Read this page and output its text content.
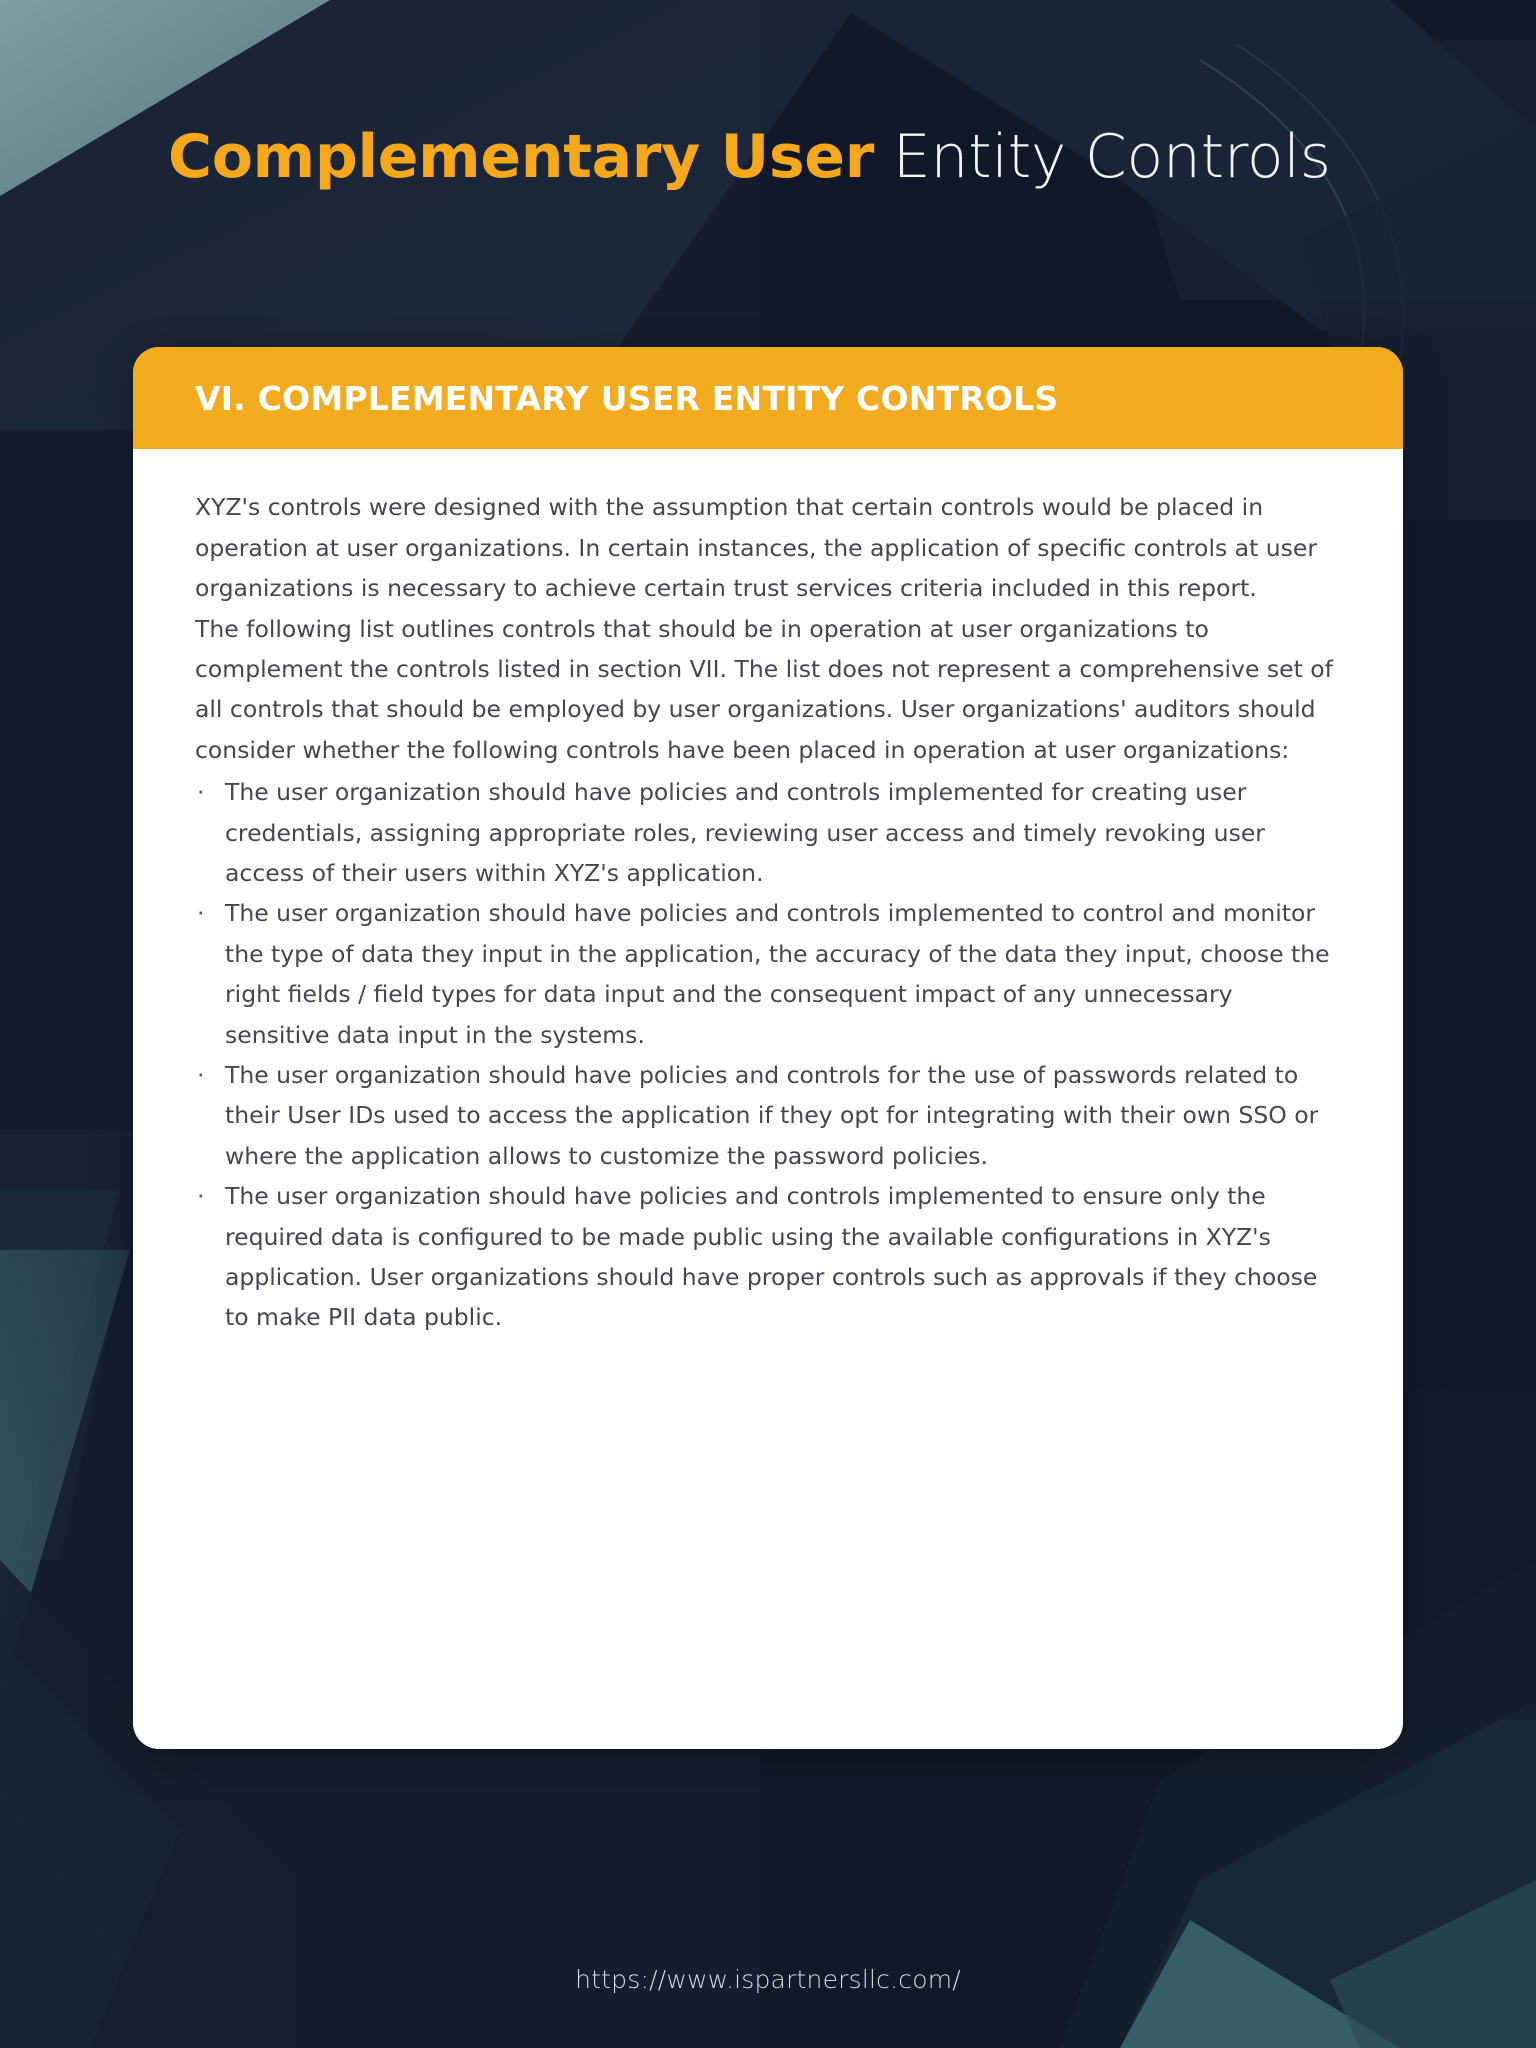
Complementary User Entity Controls
VI. COMPLEMENTARY USER ENTITY CONTROLS

XYZ's controls were designed with the assumption that certain controls would be placed in operation at user organizations. In certain instances, the application of specific controls at user organizations is necessary to achieve certain trust services criteria included in this report.

The following list outlines controls that should be in operation at user organizations to complement the controls listed in section VII. The list does not represent a comprehensive set of all controls that should be employed by user organizations. User organizations' auditors should consider whether the following controls have been placed in operation at user organizations:

· The user organization should have policies and controls implemented for creating user credentials, assigning appropriate roles, reviewing user access and timely revoking user access of their users within XYZ's application.
· The user organization should have policies and controls implemented to control and monitor the type of data they input in the application, the accuracy of the data they input, choose the right fields / field types for data input and the consequent impact of any unnecessary sensitive data input in the systems.
· The user organization should have policies and controls for the use of passwords related to their User IDs used to access the application if they opt for integrating with their own SSO or where the application allows to customize the password policies.
· The user organization should have policies and controls implemented to ensure only the required data is configured to be made public using the available configurations in XYZ's application. User organizations should have proper controls such as approvals if they choose to make PII data public.
https://www.ispartnersllc.com/
